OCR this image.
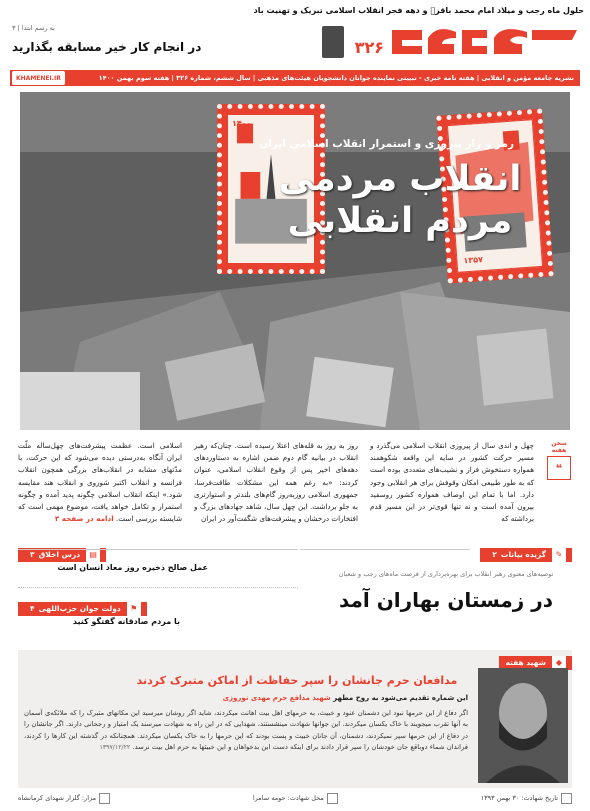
حلول ماه رجب و میلاد امام محمد باقرؑ و دهه فجر انقلاب اسلامی تبریک و تهنیت باد
۳۲۶
به رسم ابتدا | ۳
در انجام کار خیر مسابقه بگذارید
نشریه جامعه مؤمن و انقلابی | هفته نامه خبری - تبیینی نماینده جوانان دانشجویان هیئت‌های مذهبی | سال ششم، شماره ۳۲۶ | هفته سوم بهمن ۱۴۰۰
KHAMENEI.IR
۱۴۰۰
۱۳۵۷
رمز و راز پیروزی و استمرار انقلاب اسلامی ایران
انقلاب مردمی
مردم انقلابی
سخن
هفته
❝
چهل و اندی سال از پیروزی انقلاب اسلامی می‌گذرد و مسیر حرکت کشور در سایه این واقعه شکوهمند همواره دستخوش فراز و نشیب‌های متعددی بوده است که به طور طبیعی امکان وقوفش برای هر انقلابی وجود دارد. اما با تمام این اوصاف همواره کشور روسفید بیرون آمده است و نه تنها قوی‌تر در این مسیر قدم برداشته که
روز به روز به قله‌های اعتلا رسیده است. چنان‌که رهبر انقلاب در بیانیه گام دوم ضمن اشاره به دستاوردهای دهه‌های اخیر پس از وقوع انقلاب اسلامی، عنوان کردند: «به رغم همه این مشکلات طاقت‌فرسا، جمهوری اسلامی روزبه‌روز گام‌های بلندتر و استوارتری به جلو برداشت. این چهل سال، شاهد جهادهای بزرگ و افتخارات درخشان و پیشرفت‌های شگفت‌آور در ایران
اسلامی است. عظمت پیشرفت‌های چهل‌ساله ملّت ایران آنگاه به‌درستی دیده می‌شود که این حرکت، با مدّتهای مشابه در انقلاب‌های بزرگی همچون انقلاب فرانسه و انقلاب اکتبر شوروی و انقلاب هند مقایسه شود.» اینکه انقلاب اسلامی چگونه پدید آمده و چگونه استمرار و تکامل خواهد یافت، موضوع مهمی است که شایسته بررسی است. ادامه در صفحه ۳
▤
درس اخلاق
۳
عمل صالح ذخیره روز معاد انسان است
⚑
دولت جوان حزب‌اللهی
۴
با مردم صادقانه گفتگو کنید
✎
گزیده بیانات
۲
توصیه‌های معنوی رهبر انقلاب برای بهره‌برداری از فرصت ماه‌های رجب و شعبان
در زمستان بهاران آمد
◆
شهید هفته
مدافعان حرم جانشان را سپر حفاظت از اماکن متبرک کردند
این شماره تقدیم می‌شود به روح مطهر شهید مدافع حرم مهدی نوروزی
اگر دفاع از این حرمها نبود این دشمنان عنود و خبیث، به حرمهای اهل بیت اهانت میکردند، شاید اگر روشان میرسید این مکانهای متبرک را که ملائکه‌ی آسمان به آنها تقرب میجویند با خاک یکسان میکردند. این جوانها شهادت مینشستند، شهدایی که در این راه به شهادت میرسند یک امتیاز و رجحانی دارند. اگر جانشان را در دفاع از این حرمها سپر نمیکردند، دشمنان، آن جانان خبیث و پست بودند که این حرمها را به خاک یکسان میکردند. همچنانکه در گذشته این کارها را کردند، فراندان شماء دوباقع جان خودشان را سپر قرار دادند برای اینکه دست این بدخواهان و این خبیثها به حرم اهل بیت نرسد. ۱۳۹۷/۱۲/۲۲
تاریخ شهادت: ۳۰ بهمن ۱۳۹۳
محل شهادت: حومه سامرا
مزار: گلزار شهدای کرمانشاه
